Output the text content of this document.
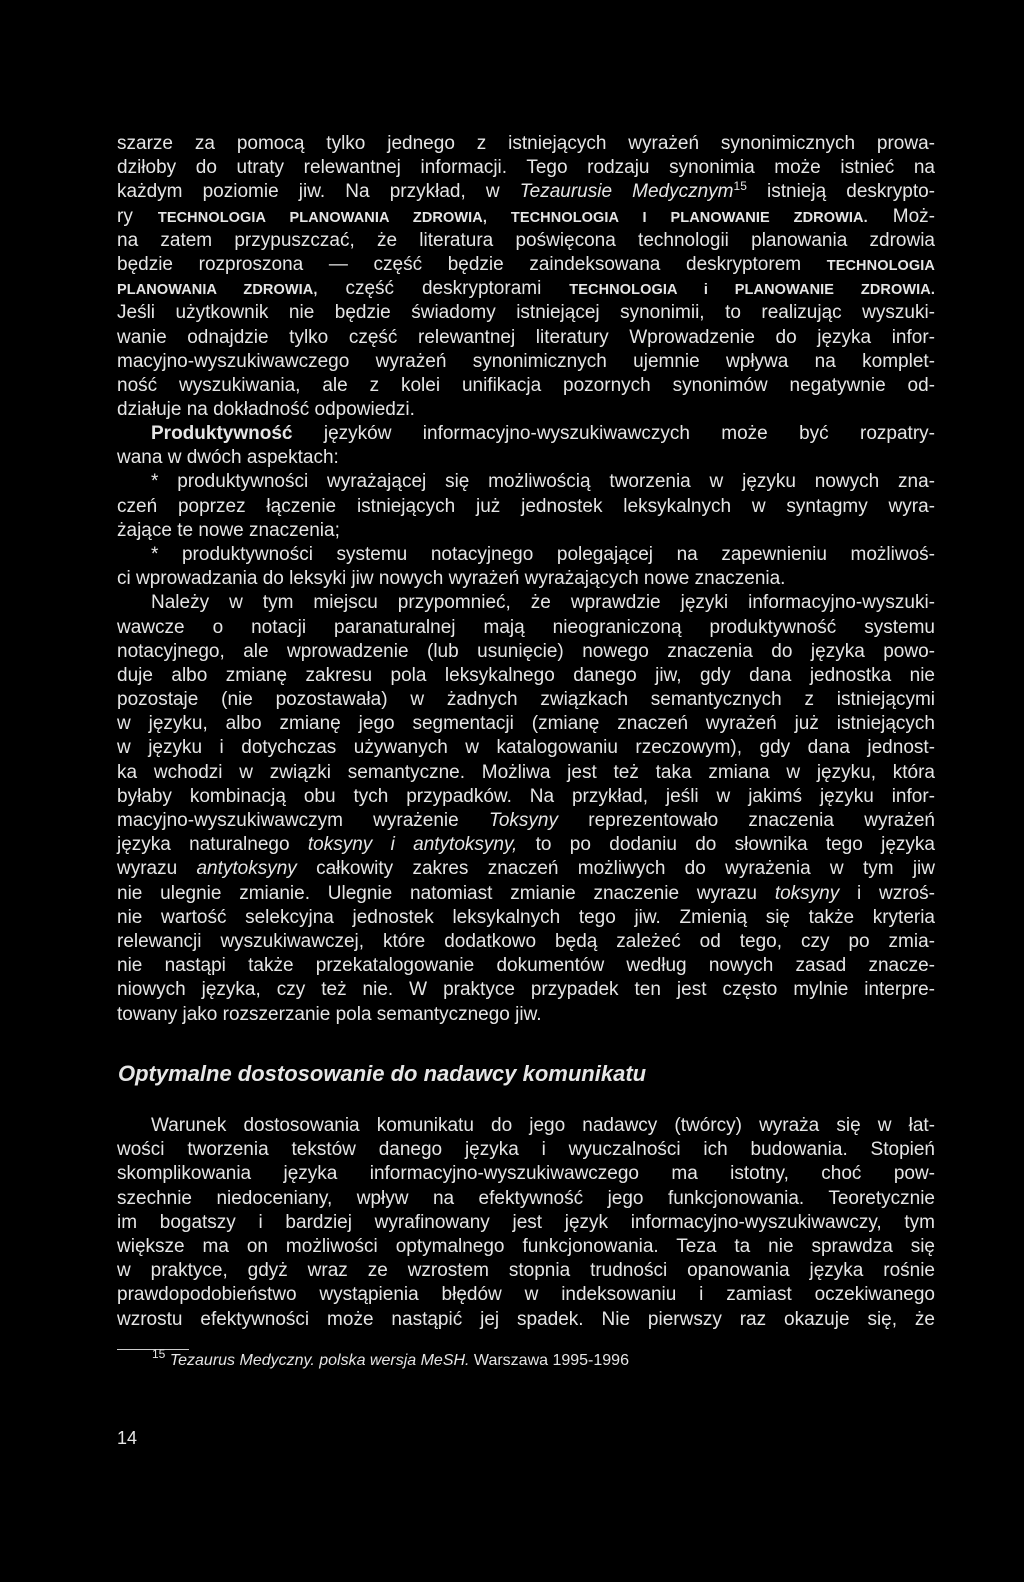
szarze za pomocą tylko jednego z istniejących wyrażeń synonimicznych prowa-
dziłoby do utraty relewantnej informacji. Tego rodzaju synonimia może istnieć na
każdym poziomie jiw. Na przykład, w Tezaurusie Medycznym$^{15}$ istnieją deskrypto-
ry TECHNOLOGIA PLANOWANIA ZDROWIA, TECHNOLOGIA I PLANOWANIE ZDROWIA. Moż-
na zatem przypuszczać, że literatura poświęcona technologii planowania zdrowia
będzie rozproszona — część będzie zaindeksowana deskryptorem TECHNOLOGIA
PLANOWANIA ZDROWIA, część deskryptorami TECHNOLOGIA i PLANOWANIE ZDROWIA.
Jeśli użytkownik nie będzie świadomy istniejącej synonimii, to realizując wyszuki-
wanie odnajdzie tylko część relewantnej literatury Wprowadzenie do języka infor-
macyjno-wyszukiwawczego wyrażeń synonimicznych ujemnie wpływa na komplet-
ność wyszukiwania, ale z kolei unifikacja pozornych synonimów negatywnie od-
działuje na dokładność odpowiedzi.
Produktywność języków informacyjno-wyszukiwawczych może być rozpatry-
wana w dwóch aspektach:
* produktywności wyrażającej się możliwością tworzenia w języku nowych zna-
czeń poprzez łączenie istniejących już jednostek leksykalnych w syntagmy wyra-
żające te nowe znaczenia;
* produktywności systemu notacyjnego polegającej na zapewnieniu możliwoś-
ci wprowadzania do leksyki jiw nowych wyrażeń wyrażających nowe znaczenia.
Należy w tym miejscu przypomnieć, że wprawdzie języki informacyjno-wyszuki-
wawcze o notacji paranaturalnej mają nieograniczoną produktywność systemu
notacyjnego, ale wprowadzenie (lub usunięcie) nowego znaczenia do języka powo-
duje albo zmianę zakresu pola leksykalnego danego jiw, gdy dana jednostka nie
pozostaje (nie pozostawała) w żadnych związkach semantycznych z istniejącymi
w języku, albo zmianę jego segmentacji (zmianę znaczeń wyrażeń już istniejących
w języku i dotychczas używanych w katalogowaniu rzeczowym), gdy dana jednost-
ka wchodzi w związki semantyczne. Możliwa jest też taka zmiana w języku, która
byłaby kombinacją obu tych przypadków. Na przykład, jeśli w jakimś języku infor-
macyjno-wyszukiwawczym wyrażenie Toksyny reprezentowało znaczenia wyrażeń
języka naturalnego toksyny i antytoksyny, to po dodaniu do słownika tego języka
wyrazu antytoksyny całkowity zakres znaczeń możliwych do wyrażenia w tym jiw
nie ulegnie zmianie. Ulegnie natomiast zmianie znaczenie wyrazu toksyny i wzroś-
nie wartość selekcyjna jednostek leksykalnych tego jiw. Zmienią się także kryteria
relewancji wyszukiwawczej, które dodatkowo będą zależeć od tego, czy po zmia-
nie nastąpi także przekatalogowanie dokumentów według nowych zasad znacze-
niowych języka, czy też nie. W praktyce przypadek ten jest często mylnie interpre-
towany jako rozszerzanie pola semantycznego jiw.
Optymalne dostosowanie do nadawcy komunikatu
Warunek dostosowania komunikatu do jego nadawcy (twórcy) wyraża się w łat-
wości tworzenia tekstów danego języka i wyuczalności ich budowania. Stopień
skomplikowania języka informacyjno-wyszukiwawczego ma istotny, choć pow-
szechnie niedoceniany, wpływ na efektywność jego funkcjonowania. Teoretycznie
im bogatszy i bardziej wyrafinowany jest język informacyjno-wyszukiwawczy, tym
większe ma on możliwości optymalnego funkcjonowania. Teza ta nie sprawdza się
w praktyce, gdyż wraz ze wzrostem stopnia trudności opanowania języka rośnie
prawdopodobieństwo wystąpienia błędów w indeksowaniu i zamiast oczekiwanego
wzrostu efektywności może nastąpić jej spadek. Nie pierwszy raz okazuje się, że
$^{15}$ Tezaurus Medyczny. polska wersja MeSH. Warszawa 1995-1996
14
